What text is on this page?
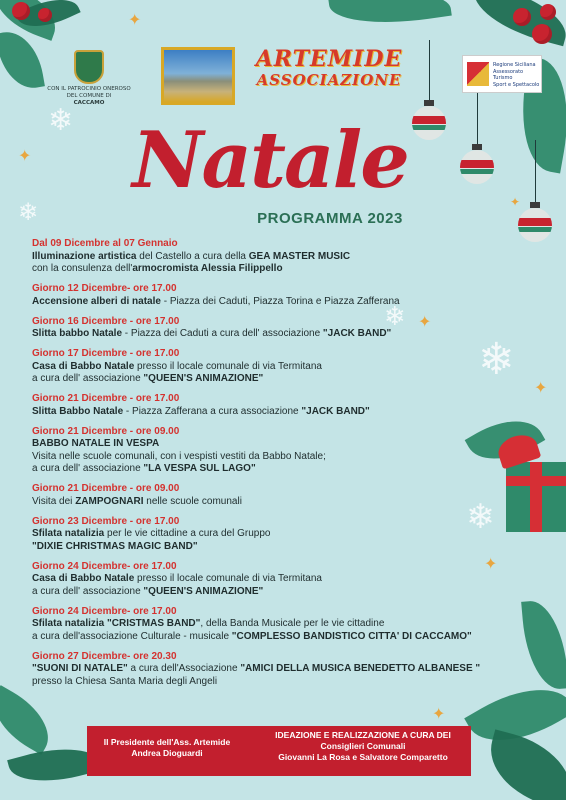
✦
✦
✦
✦
✦
✦
✦
❄
❄
❄
❄
❄
CON IL PATROCINIO ONEROSO
DEL COMUNE DI
CACCAMO
ARTEMIDE
ASSOCIAZIONE
Regione Siciliana
Assessorato Turismo
Sport e Spettacolo
Natale
PROGRAMMA 2023
Dal 09 Dicembre al 07 Gennaio
Illuminazione artistica del Castello a cura della GEA MASTER MUSIC
con la consulenza dell'armocromista Alessia Filippello
Giorno 12 Dicembre- ore 17.00
Accensione alberi di natale - Piazza dei Caduti, Piazza Torina e Piazza Zafferana
Giorno 16 Dicembre - ore 17.00
Slitta babbo Natale - Piazza dei Caduti a cura dell' associazione "JACK BAND"
Giorno 17 Dicembre - ore 17.00
Casa di Babbo Natale presso il locale comunale di via Termitana
a cura dell' associazione "QUEEN'S ANIMAZIONE"
Giorno 21 Dicembre - ore 17.00
Slitta Babbo Natale - Piazza Zafferana a cura associazione "JACK BAND"
Giorno 21 Dicembre - ore 09.00
BABBO NATALE IN VESPA
Visita nelle scuole comunali, con i vespisti vestiti da Babbo Natale;
a cura dell' associazione "LA VESPA SUL LAGO"
Giorno 21 Dicembre - ore 09.00
Visita dei ZAMPOGNARI nelle scuole comunali
Giorno 23 Dicembre - ore 17.00
Sfilata natalizia per le vie cittadine a cura del Gruppo
"DIXIE CHRISTMAS MAGIC BAND"
Giorno 24 Dicembre- ore 17.00
Casa di Babbo Natale presso il locale comunale di via Termitana
a cura dell' associazione "QUEEN'S ANIMAZIONE"
Giorno 24 Dicembre- ore 17.00
Sfilata natalizia "CRISTMAS BAND", della Banda Musicale per le vie cittadine
a cura dell'associazione Culturale - musicale "COMPLESSO BANDISTICO CITTA' DI CACCAMO"
Giorno 27 Dicembre- ore 20.30
"SUONI DI NATALE" a cura dell'Associazione "AMICI DELLA MUSICA BENEDETTO ALBANESE "
presso la Chiesa Santa Maria degli Angeli
Il Presidente dell'Ass. Artemide
Andrea Dioguardi
IDEAZIONE E REALIZZAZIONE A CURA DEI
Consiglieri Comunali
Giovanni La Rosa e Salvatore Comparetto
